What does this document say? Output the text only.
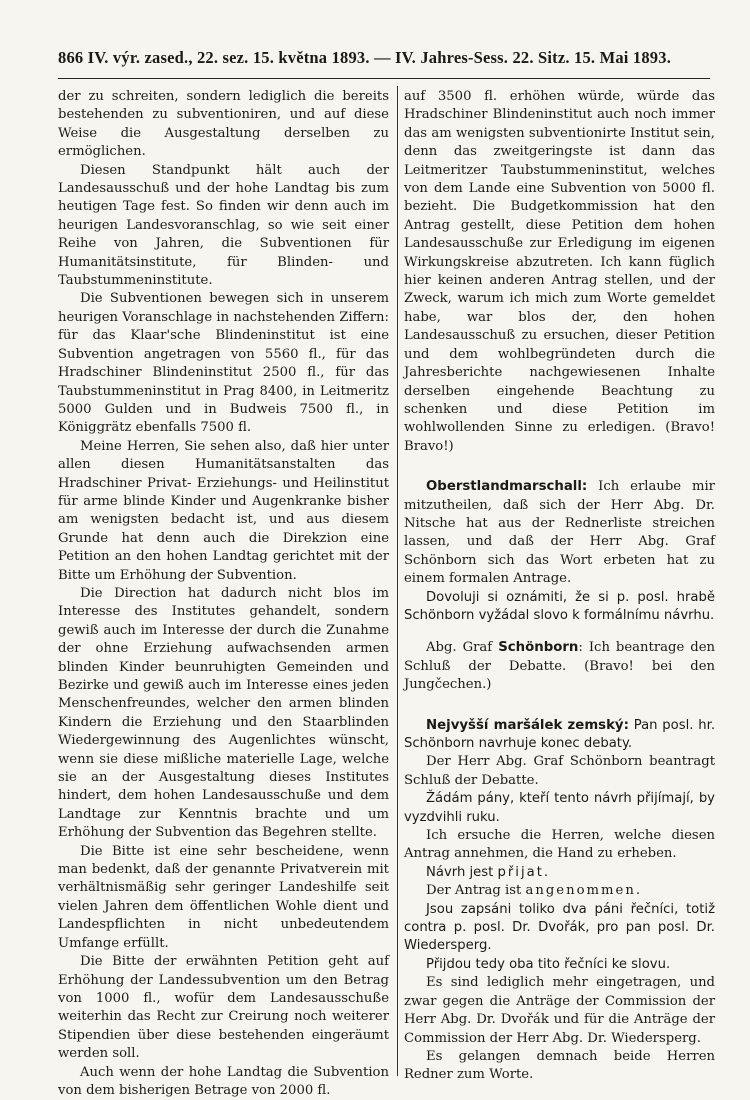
866 IV. výr. zased., 22. sez. 15. května 1893. — IV. Jahres-Sess. 22. Sitz. 15. Mai 1893.

der zu schreiten, sondern lediglich die bereits bestehenden zu subventioniren, und auf diese Weise die Ausgestaltung derselben zu ermöglichen.

Diesen Standpunkt hält auch der Landesausschuß und der hohe Landtag bis zum heutigen Tage fest. So finden wir denn auch im heurigen Landesvoranschlag, so wie seit einer Reihe von Jahren, die Subventionen für Humanitätsinstitute, für Blinden- und Taubstummeninstitute.

Die Subventionen bewegen sich in unserem heurigen Voranschlage in nachstehenden Ziffern: für das Klaar'sche Blindeninstitut ist eine Subvention angetragen von 5560 fl., für das Hradschiner Blindeninstitut 2500 fl., für das Taubstummeninstitut in Prag 8400, in Leitmeritz 5000 Gulden und in Budweis 7500 fl., in Königgrätz ebenfalls 7500 fl.

Meine Herren, Sie sehen also, daß hier unter allen diesen Humanitätsanstalten das Hradschiner Privat- Erziehungs- und Heilinstitut für arme blinde Kinder und Augenkranke bisher am wenigsten bedacht ist, und aus diesem Grunde hat denn auch die Direkzion eine Petition an den hohen Landtag gerichtet mit der Bitte um Erhöhung der Subvention.

Die Direction hat dadurch nicht blos im Interesse des Institutes gehandelt, sondern gewiß auch im Interesse der durch die Zunahme der ohne Erziehung aufwachsenden armen blinden Kinder beunruhigten Gemeinden und Bezirke und gewiß auch im Interesse eines jeden Menschenfreundes, welcher den armen blinden Kindern die Erziehung und den Staarblinden Wiedergewinnung des Augenlichtes wünscht, wenn sie diese mißliche materielle Lage, welche sie an der Ausgestaltung dieses Institutes hindert, dem hohen Landesausschuße und dem Landtage zur Kenntnis brachte und um Erhöhung der Subvention das Begehren stellte.

Die Bitte ist eine sehr bescheidene, wenn man bedenkt, daß der genannte Privatverein mit verhältnismäßig sehr geringer Landeshilfe seit vielen Jahren dem öffentlichen Wohle dient und Landespflichten in nicht unbedeutendem Umfange erfüllt.

Die Bitte der erwähnten Petition geht auf Erhöhung der Landessubvention um den Betrag von 1000 fl., wofür dem Landesausschuße weiterhin das Recht zur Creirung noch weiterer Stipendien über diese bestehenden eingeräumt werden soll.

Auch wenn der hohe Landtag die Subvention von dem bisherigen Betrage von 2000 fl.

auf 3500 fl. erhöhen würde, würde das Hradschiner Blindeninstitut auch noch immer das am wenigsten subventionirte Institut sein, denn das zweitgeringste ist dann das Leitmeritzer Taubstummeninstitut, welches von dem Lande eine Subvention von 5000 fl. bezieht. Die Budgetkommission hat den Antrag gestellt, diese Petition dem hohen Landesausschuße zur Erledigung im eigenen Wirkungskreise abzutreten. Ich kann füglich hier keinen anderen Antrag stellen, und der Zweck, warum ich mich zum Worte gemeldet habe, war blos der, den hohen Landesausschuß zu ersuchen, dieser Petition und dem wohlbegründeten durch die Jahresberichte nachgewiesenen Inhalte derselben eingehende Beachtung zu schenken und diese Petition im wohlwollenden Sinne zu erledigen. (Bravo! Bravo!)

Oberstlandmarschall: Ich erlaube mir mitzutheilen, daß sich der Herr Abg. Dr. Nitsche hat aus der Rednerliste streichen lassen, und daß der Herr Abg. Graf Schönborn sich das Wort erbeten hat zu einem formalen Antrage.

Dovoluji si oznámiti, že si p. posl. hrabě Schönborn vyžádal slovo k formálnímu návrhu.

Abg. Graf Schönborn: Ich beantrage den Schluß der Debatte. (Bravo! bei den Jungčechen.)

Nejvyšší maršálek zemský: Pan posl. hr. Schönborn navrhuje konec debaty.

Der Herr Abg. Graf Schönborn beantragt Schluß der Debatte.

Žádám pány, kteří tento návrh přijímají, by vyzdvihli ruku.

Ich ersuche die Herren, welche diesen Antrag annehmen, die Hand zu erheben.

Návrh jest přijat.

Der Antrag ist angenommen.

Jsou zapsáni toliko dva páni řečníci, totiž contra p. posl. Dr. Dvořák, pro pan posl. Dr. Wiedersperg.

Přijdou tedy oba tito řečníci ke slovu.

Es sind lediglich mehr eingetragen, und zwar gegen die Anträge der Commission der Herr Abg. Dr. Dvořák und für die Anträge der Commission der Herr Abg. Dr. Wiedersperg.

Es gelangen demnach beide Herren Redner zum Worte.
